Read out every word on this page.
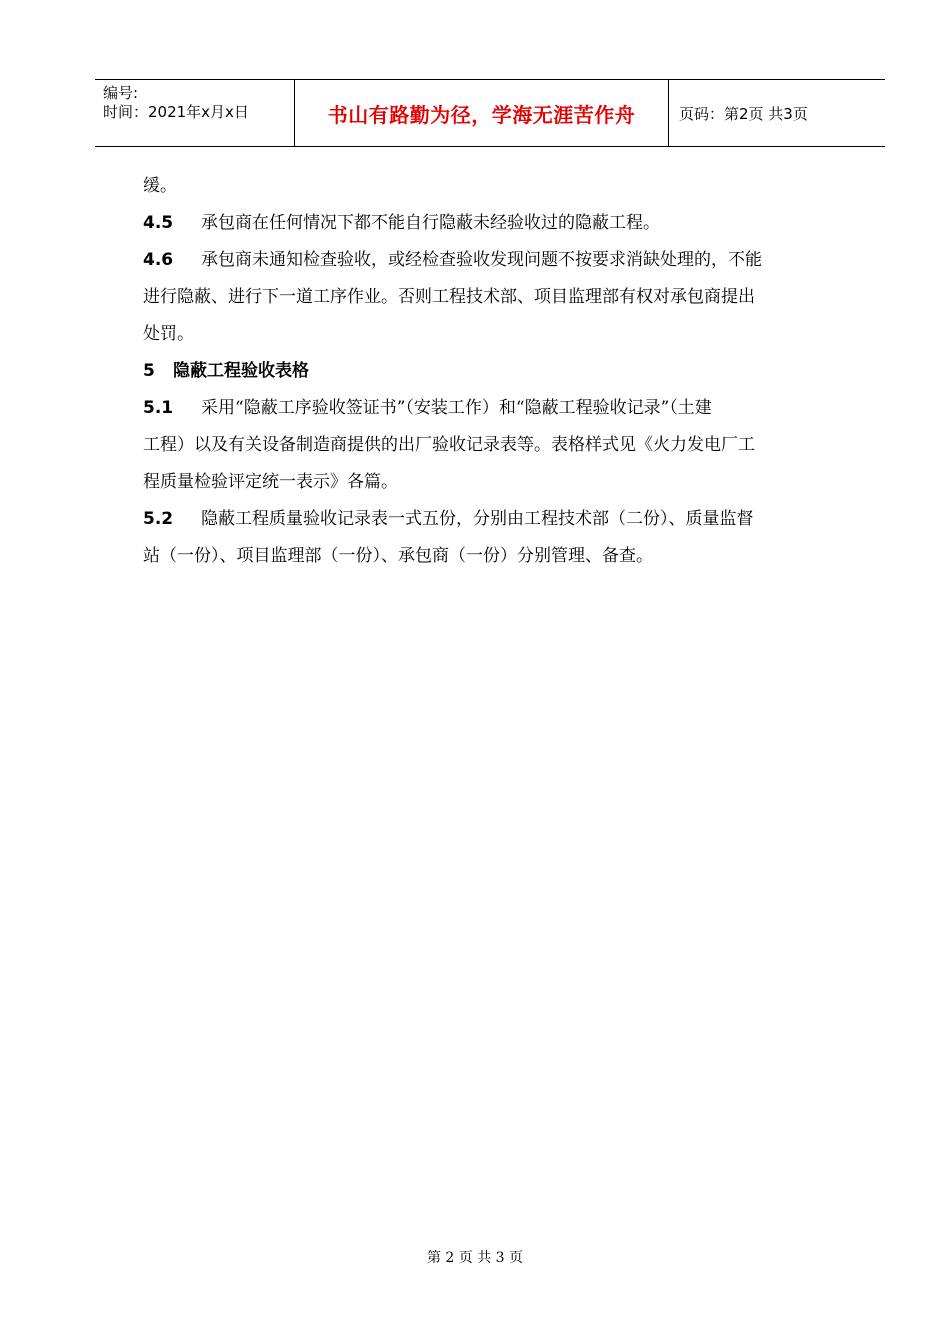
编号:
时间：2021年x月x日	书山有路勤为径，学海无涯苦作舟	页码：第2页 共3页
缓。
4.5 承包商在任何情况下都不能自行隐蔽未经验收过的隐蔽工程。
4.6 承包商未通知检查验收，或经检查验收发现问题不按要求消缺处理的，不能
进行隐蔽、进行下一道工序作业。否则工程技术部、项目监理部有权对承包商提出
处罚。
5 隐蔽工程验收表格
5.1 采用“隐蔽工序验收签证书”（安装工作）和“隐蔽工程验收记录”（土建
工程）以及有关设备制造商提供的出厂验收记录表等。表格样式见《火力发电厂工
程质量检验评定统一表示》各篇。
5.2 隐蔽工程质量验收记录表一式五份，分别由工程技术部（二份）、质量监督
站（一份）、项目监理部（一份）、承包商（一份）分别管理、备查。
第 2 页 共 3 页
